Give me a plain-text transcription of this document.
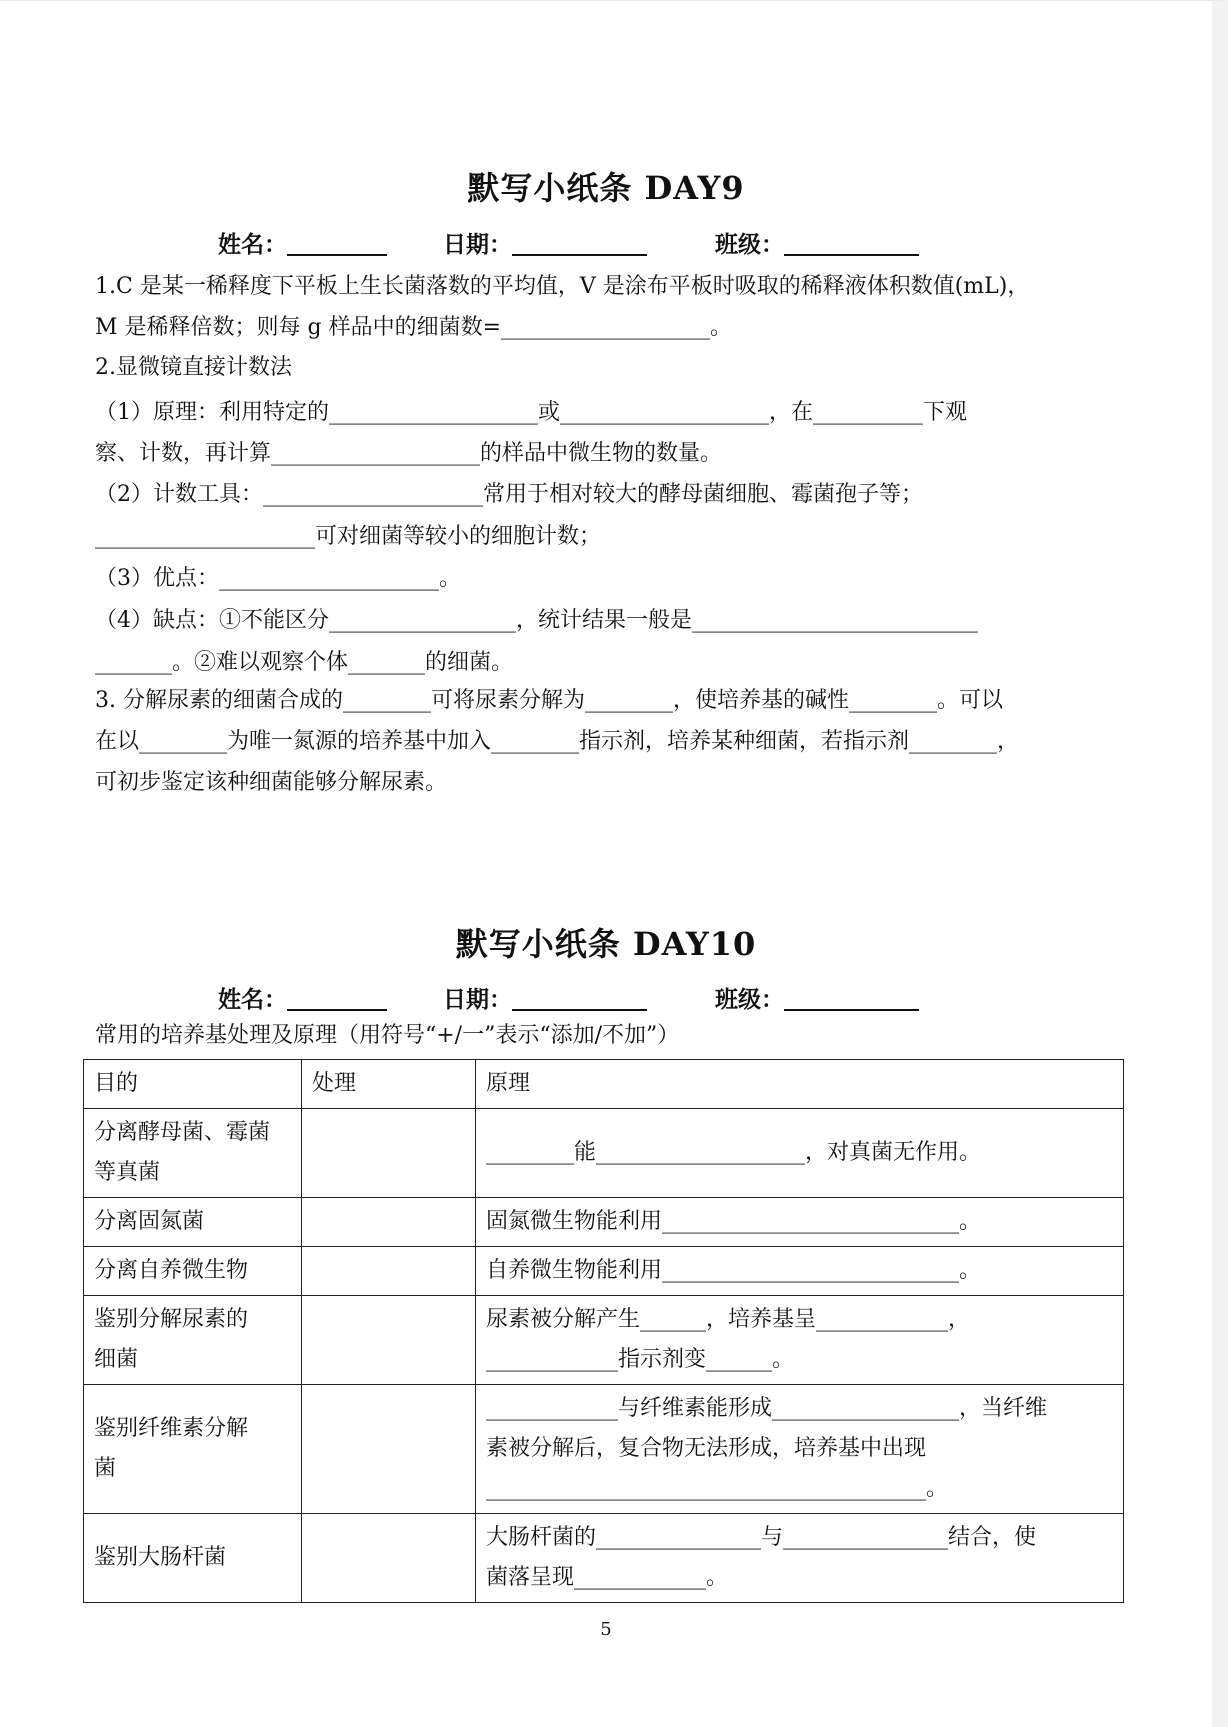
默写小纸条 DAY9
姓名：	日期：	班级：
1.C 是某一稀释度下平板上生长菌落数的平均值，V 是涂布平板时吸取的稀释液体积数值(mL)，
M 是稀释倍数；则每 g 样品中的细菌数=___________________。
2.显微镜直接计数法
（1）原理：利用特定的___________________或___________________，在__________下观
察、计数，再计算___________________的样品中微生物的数量。
（2）计数工具：____________________常用于相对较大的酵母菌细胞、霉菌孢子等；
____________________可对细菌等较小的细胞计数；
（3）优点：____________________。
（4）缺点：①不能区分_________________，统计结果一般是__________________________
_______。②难以观察个体_______的细菌。
3. 分解尿素的细菌合成的________可将尿素分解为________，使培养基的碱性________。可以
在以________为唯一氮源的培养基中加入________指示剂，培养某种细菌，若指示剂________，
可初步鉴定该种细菌能够分解尿素。
默写小纸条 DAY10
姓名：	日期：	班级：
常用的培养基处理及原理（用符号“+/一”表示“添加/不加”）
目的	处理	原理
分离酵母菌、霉菌
等真菌		________能___________________，对真菌无作用。
分离固氮菌		固氮微生物能利用___________________________。
分离自养微生物		自养微生物能利用___________________________。
鉴别分解尿素的
细菌		尿素被分解产生______，培养基呈____________，
____________指示剂变______。
鉴别纤维素分解
菌		____________与纤维素能形成_________________，当纤维
素被分解后，复合物无法形成，培养基中出现
________________________________________。
鉴别大肠杆菌		大肠杆菌的_______________与_______________结合，使
菌落呈现____________。
5
